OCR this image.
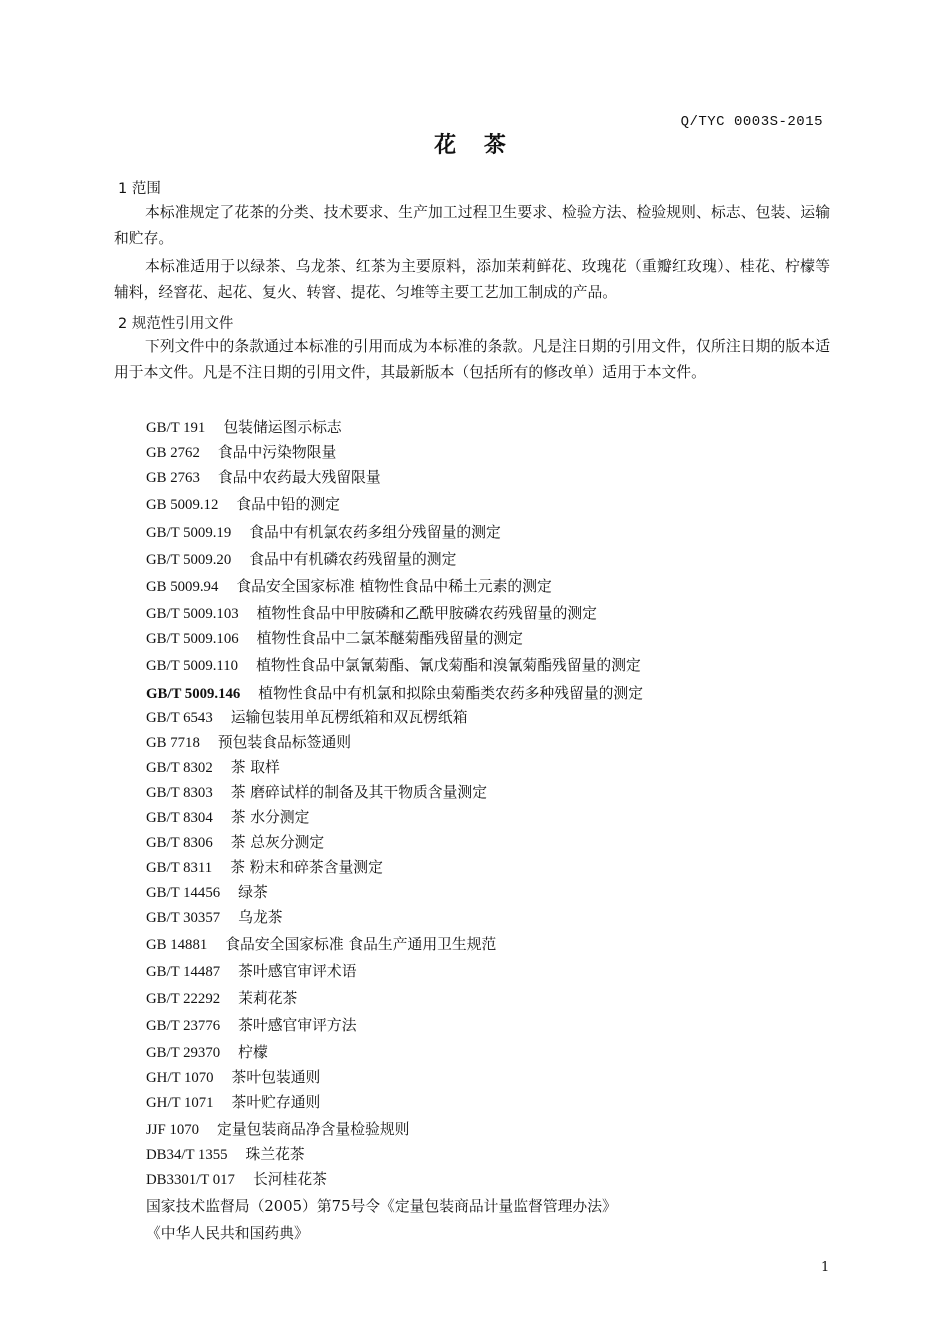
Q/TYC 0003S-2015
花 茶
1 范围
本标准规定了花茶的分类、技术要求、生产加工过程卫生要求、检验方法、检验规则、标志、包装、运输和贮存。
本标准适用于以绿茶、乌龙茶、红茶为主要原料，添加茉莉鲜花、玫瑰花（重瓣红玫瑰）、桂花、柠檬等辅料，经窨花、起花、复火、转窨、提花、匀堆等主要工艺加工制成的产品。
2 规范性引用文件
下列文件中的条款通过本标准的引用而成为本标准的条款。凡是注日期的引用文件，仅所注日期的版本适用于本文件。凡是不注日期的引用文件，其最新版本（包括所有的修改单）适用于本文件。
GB/T 191 包装储运图示标志
GB 2762 食品中污染物限量
GB 2763 食品中农药最大残留限量
GB 5009.12 食品中铅的测定
GB/T 5009.19 食品中有机氯农药多组分残留量的测定
GB/T 5009.20 食品中有机磷农药残留量的测定
GB 5009.94 食品安全国家标准 植物性食品中稀土元素的测定
GB/T 5009.103 植物性食品中甲胺磷和乙酰甲胺磷农药残留量的测定
GB/T 5009.106 植物性食品中二氯苯醚菊酯残留量的测定
GB/T 5009.110 植物性食品中氯氰菊酯、氰戊菊酯和溴氰菊酯残留量的测定
GB/T 5009.146 植物性食品中有机氯和拟除虫菊酯类农药多种残留量的测定
GB/T 6543 运输包装用单瓦楞纸箱和双瓦楞纸箱
GB 7718 预包装食品标签通则
GB/T 8302 茶 取样
GB/T 8303 茶 磨碎试样的制备及其干物质含量测定
GB/T 8304 茶 水分测定
GB/T 8306 茶 总灰分测定
GB/T 8311 茶 粉末和碎茶含量测定
GB/T 14456 绿茶
GB/T 30357 乌龙茶
GB 14881 食品安全国家标准 食品生产通用卫生规范
GB/T 14487 茶叶感官审评术语
GB/T 22292 茉莉花茶
GB/T 23776 茶叶感官审评方法
GB/T 29370 柠檬
GH/T 1070 茶叶包装通则
GH/T 1071 茶叶贮存通则
JJF 1070 定量包装商品净含量检验规则
DB34/T 1355 珠兰花茶
DB3301/T 017 长河桂花茶
国家技术监督局（2005）第75号令《定量包装商品计量监督管理办法》
《中华人民共和国药典》
1
